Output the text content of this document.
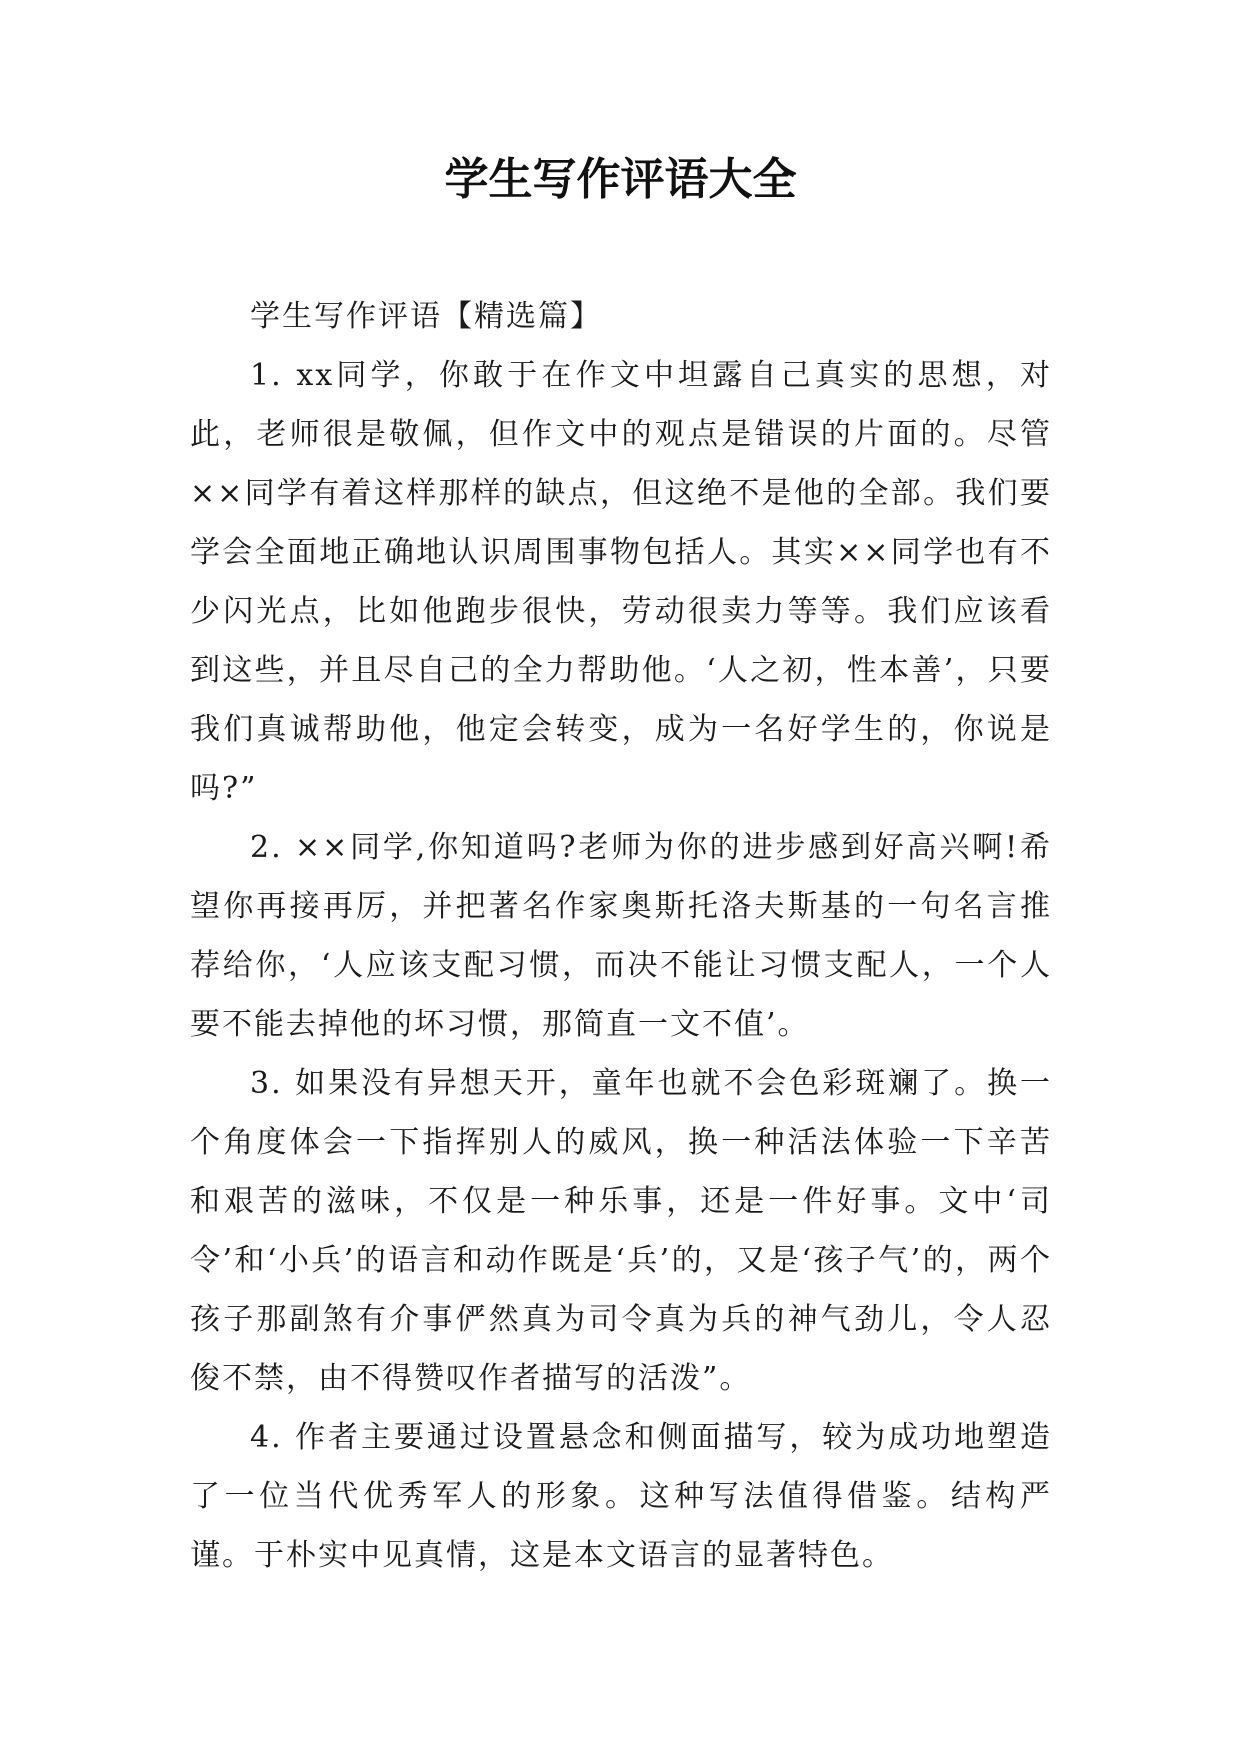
学生写作评语大全

学生写作评语【精选篇】

1. xx同学，你敢于在作文中坦露自己真实的思想，对此，老师很是敬佩，但作文中的观点是错误的片面的。尽管××同学有着这样那样的缺点，但这绝不是他的全部。我们要学会全面地正确地认识周围事物包括人。其实××同学也有不少闪光点，比如他跑步很快，劳动很卖力等等。我们应该看到这些，并且尽自己的全力帮助他。‘人之初，性本善’，只要我们真诚帮助他，他定会转变，成为一名好学生的，你说是吗?”

2. ××同学,你知道吗?老师为你的进步感到好高兴啊!希望你再接再厉，并把著名作家奥斯托洛夫斯基的一句名言推荐给你，‘人应该支配习惯，而决不能让习惯支配人，一个人要不能去掉他的坏习惯，那简直一文不值’。

3. 如果没有异想天开，童年也就不会色彩斑斓了。换一个角度体会一下指挥别人的威风，换一种活法体验一下辛苦和艰苦的滋味，不仅是一种乐事，还是一件好事。文中‘司令’和‘小兵’的语言和动作既是‘兵’的，又是‘孩子气’的，两个孩子那副煞有介事俨然真为司令真为兵的神气劲儿，令人忍俊不禁，由不得赞叹作者描写的活泼”。

4. 作者主要通过设置悬念和侧面描写，较为成功地塑造了一位当代优秀军人的形象。这种写法值得借鉴。结构严谨。于朴实中见真情，这是本文语言的显著特色。
